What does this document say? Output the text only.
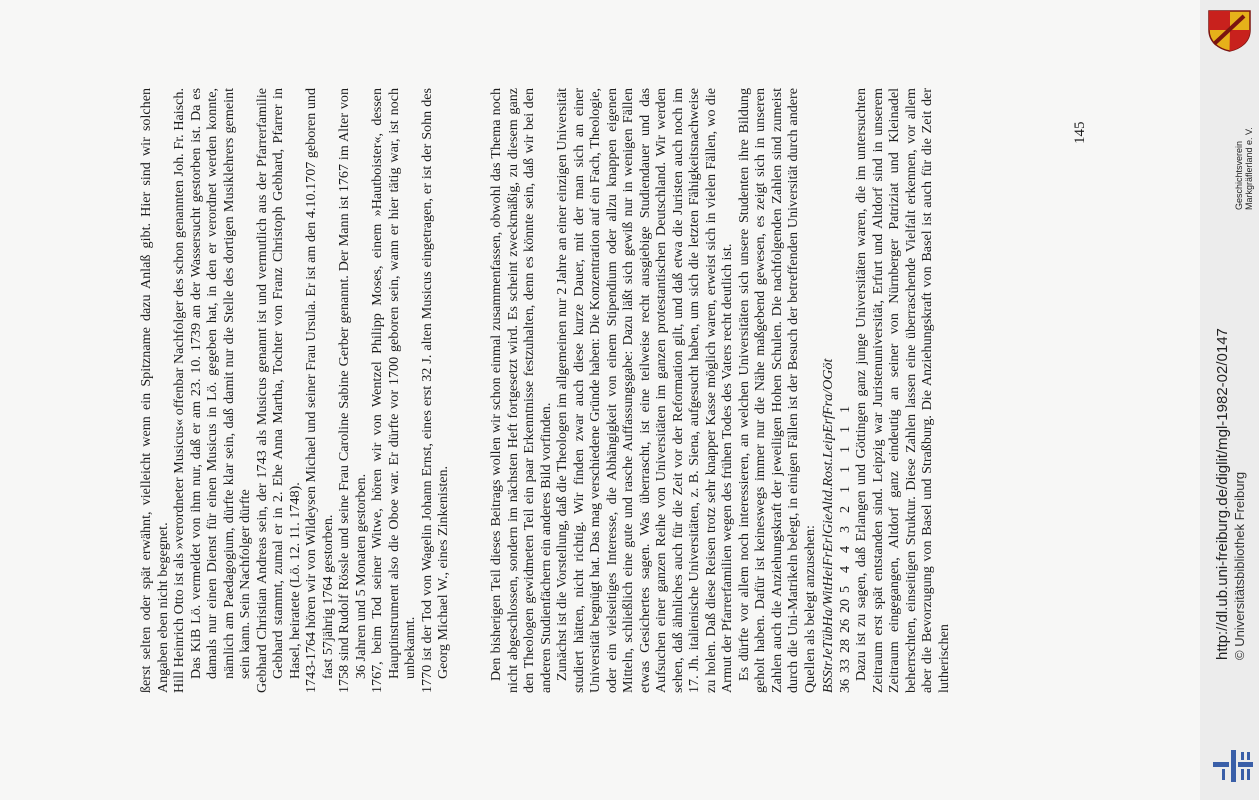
ßerst selten oder spät erwähnt, vielleicht wenn ein Spitzname dazu Anlaß gibt. Hier sind wir solchen Angaben eben nicht begegnet. Hill Heinrich Otto ist als »verordneter Musicus« offenbar Nachfolger des schon genannten Joh. Fr. Haisch. Das KiB Lö. vermeldet von ihm nur, daß er am 23. 10. 1739 an der Wassersucht gestorben ist. Da es damals nur einen Dienst für einen Musicus in Lö. gegeben hat, in den er verordnet werden konnte, nämlich am Paedagogium, dürfte klar sein, daß damit nur die Stelle des dortigen Musiklehrers gemeint sein kann. Sein Nachfolger dürfte Gebhard Christian Andreas sein, der 1743 als Musicus genannt ist und vermutlich aus der Pfarrerfamilie Gebhard stammt, zumal er in 2. Ehe Anna Martha, Tochter von Franz Christoph Gebhard, Pfarrer in Hasel, heiratete (Lö. 12. 11. 1748). 1743-1764 hören wir von Wildeysen Michael und seiner Frau Ursula. Er ist am den 4.10.1707 geboren und fast 57jährig 1764 gestorben. 1758 sind Rudolf Rössle und seine Frau Caroline Sabine Gerber genannt. Der Mann ist 1767 im Alter von 36 Jahren und 5 Monaten gestorben. 1767, beim Tod seiner Witwe, hören wir von Wentzel Philipp Moses, einem »Hautboister«, dessen Hauptinstrument also die Oboe war. Er dürfte vor 1700 geboren sein, wann er hier tätig war, ist noch unbekannt. 1770 ist der Tod von Wagelin Johann Ernst, eines erst 32 J. alten Musicus eingetragen, er ist der Sohn des Georg Michael W., eines Zinkenisten.	Den bisherigen Teil dieses Beitrags wollen wir schon einmal zusammenfassen, obwohl das Thema noch nicht abgeschlossen, sondern im nächsten Heft fortgesetzt wird. Es scheint zweckmäßig, zu diesem ganz den Theologen gewidmeten Teil ein paar Erkenntnisse festzuhalten, denn es könnte sein, daß wir bei den anderen Studienfächern ein anderes Bild vorfinden. Zunächst ist die Vorstellung, daß die Theologen im allgemeinen nur 2 Jahre an einer einzigen Universität studiert hätten, nicht richtig. Wir finden zwar auch diese kurze Dauer, mit der man sich an einer Universität begnügt hat. Das mag verschiedene Gründe haben: Die Konzentration auf ein Fach, Theologie, oder ein vielseitiges Interesse, die Abhängigkeit von einem Stipendium oder allzu knappen eigenen Mitteln, schließlich eine gute und rasche Auffassungsgabe: Dazu läßt sich gewiß nur in wenigen Fällen etwas Gesichertes sagen. Was überrascht, ist eine teilweise recht ausgiebige Studiendauer und das Aufsuchen einer ganzen Reihe von Universitäten im ganzen protestantischen Deutschland. Wir werden sehen, daß ähnliches auch für die Zeit vor der Reformation gilt, und daß etwa die Juristen auch noch im 17. Jh. italienische Universitäten, z. B. Siena, aufgesucht haben, um sich die letzten Fähigkeitsnachweise zu holen. Daß diese Reisen trotz sehr knapper Kasse möglich waren, erweist sich in vielen Fällen, wo die Armut der Pfarrerfamilien wegen des frühen Todes des Vaters recht deutlich ist. Es dürfte vor allem noch interessieren, an welchen Universitäten sich unsere Studenten ihre Bildung geholt haben. Dafür ist keineswegs immer nur die Nähe maßgebend gewesen, es zeigt sich in unseren Zahlen auch die Anziehungskraft der jeweiligen Hohen Schulen. Die nachfolgenden Zahlen sind zumeist durch die Uni-Matrikeln belegt, in einigen Fällen ist der Besuch der betreffenden Universität durch andere Quellen als belegt anzusehen: BS
Str
Je
Tüb
Ha/Wit
Hei
Fr
Erl
Gie
Altd.
Rost.
Leip
Erf
Fra/O
Göt
36
33
28
26
20
5
4
4
3
2
1
1
1
1
1 Dazu ist zu sagen, daß Erlangen und Göttingen ganz junge Universitäten waren, die im untersuchten Zeitraum erst spät entstanden sind. Leipzig war Juristenuniversität, Erfurt und Altdorf sind in unserem Zeitraum eingegangen, Altdorf ganz eindeutig an seiner von Nürnberger Patriziat und Kleinadel beherrschten, einseitigen Struktur. Diese Zahlen lassen eine überraschende Vielfalt erkennen, vor allem aber die Bevorzugung von Basel und Straßburg. Die Anziehungskraft von Basel ist auch für die Zeit der lutherischen

145
http://dl.ub.uni-freiburg.de/diglit/mgl-1982-02/0147 © Universitätsbibliothek Freiburg
Geschichtsverein Markgräflerland e. V.
